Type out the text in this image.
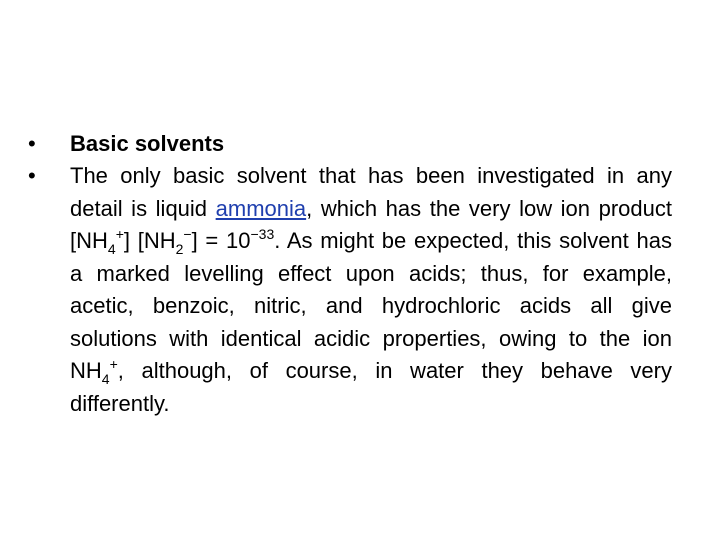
•	Basic solvents
•	The only basic solvent that has been investigated in any detail is liquid ammonia, which has the very low ion product $[NH_4^+] [NH_2^-] = 10^{-33}$. As might be expected, this solvent has a marked levelling effect upon acids; thus, for example, acetic, benzoic, nitric, and hydrochloric acids all give solutions with identical acidic properties, owing to the ion $NH_4^+$, although, of course, in water they behave very differently.
